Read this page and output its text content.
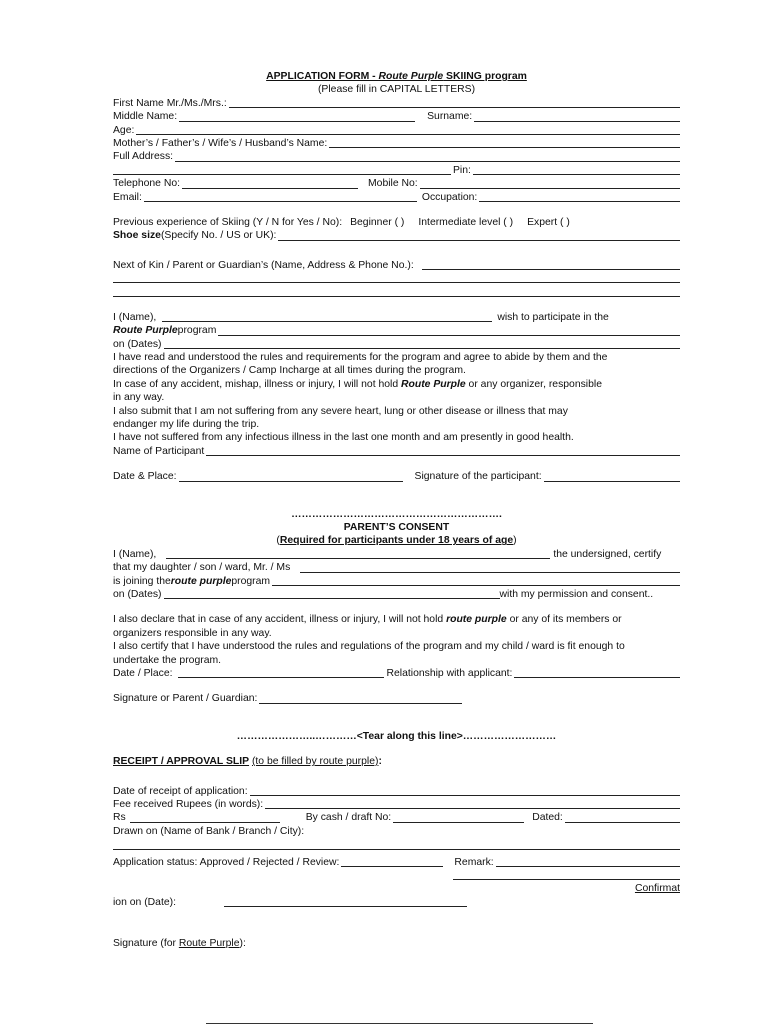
APPLICATION FORM - Route Purple SKIING program
(Please fill in CAPITAL LETTERS)
First Name Mr./Ms./Mrs.:
Middle Name:	Surname:
Age:
Mother’s / Father’s / Wife’s / Husband’s Name:
Full Address:
Pin:
Telephone No:	Mobile No:
Email:	Occupation:
Previous experience of Skiing (Y / N for Yes / No): Beginner ( ) Intermediate level ( ) Expert ( )
Shoe size (Specify No. / US or UK):
Next of Kin / Parent or Guardian’s (Name, Address & Phone No.):
I (Name),	wish to participate in the
Route Purple program
on (Dates)
I have read and understood the rules and requirements for the program and agree to abide by them and the
directions of the Organizers / Camp Incharge at all times during the program.
In case of any accident, mishap, illness or injury, I will not hold Route Purple or any organizer, responsible
in any way.
I also submit that I am not suffering from any severe heart, lung or other disease or illness that may
endanger my life during the trip.
I have not suffered from any infectious illness in the last one month and am presently in good health.
Name of Participant
Date & Place:	Signature of the participant:
…………………………………………………….
PARENT’S CONSENT
(Required for participants under 18 years of age)
I (Name),	the undersigned, certify
that my daughter / son / ward, Mr. / Ms
is joining the route purple program
on (Dates)	with my permission and consent..
I also declare that in case of any accident, illness or injury, I will not hold route purple or any of its members or
organizers responsible in any way.
I also certify that I have understood the rules and regulations of the program and my child / ward is fit enough to
undertake the program.
Date / Place:	Relationship with applicant:
Signature or Parent / Guardian:
…………………..…………<Tear along this line>………………………
RECEIPT / APPROVAL SLIP (to be filled by route purple):
Date of receipt of application:
Fee received Rupees (in words):
Rs	By cash / draft No:	Dated:
Drawn on (Name of Bank / Branch / City):
Application status: Approved / Rejected / Review:	Remark:
Confirmat
ion on (Date):
Signature (for Route Purple):
